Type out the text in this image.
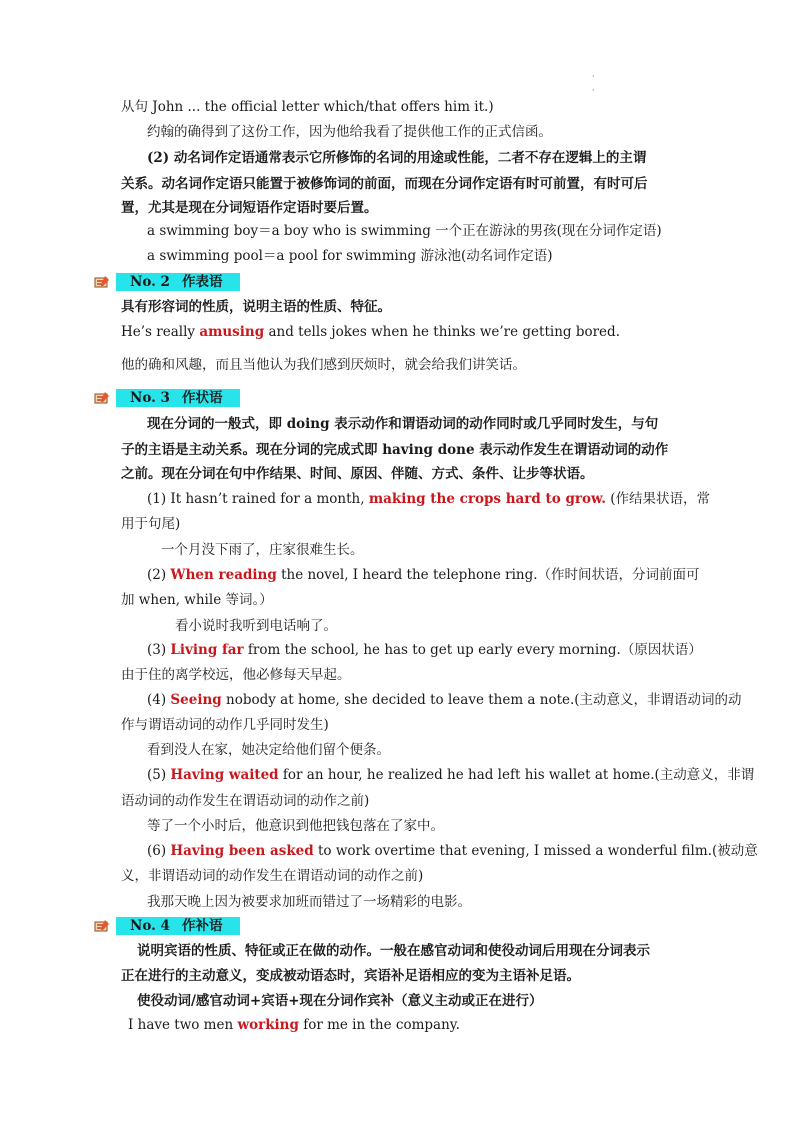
·
·
从句 John ... the official letter which/that offers him it.)
约翰的确得到了这份工作，因为他给我看了提供他工作的正式信函。
(2) 动名词作定语通常表示它所修饰的名词的用途或性能，二者不存在逻辑上的主谓
关系。动名词作定语只能置于被修饰词的前面，而现在分词作定语有时可前置，有时可后
置，尤其是现在分词短语作定语时要后置。
a swimming boy＝a boy who is swimming 一个正在游泳的男孩(现在分词作定语)
a swimming pool＝a pool for swimming 游泳池(动名词作定语)
No. 2 作表语
具有形容词的性质，说明主语的性质、特征。
He’s really amusing and tells jokes when he thinks we’re getting bored.
他的确和风趣，而且当他认为我们感到厌烦时，就会给我们讲笑话。
No. 3 作状语
现在分词的一般式，即 doing 表示动作和谓语动词的动作同时或几乎同时发生，与句
子的主语是主动关系。现在分词的完成式即 having done 表示动作发生在谓语动词的动作
之前。现在分词在句中作结果、时间、原因、伴随、方式、条件、让步等状语。
(1) It hasn’t rained for a month, making the crops hard to grow. (作结果状语，常
用于句尾)
一个月没下雨了，庄家很难生长。
(2) When reading the novel, I heard the telephone ring.（作时间状语，分词前面可
加 when, while 等词。）
看小说时我听到电话响了。
(3) Living far from the school, he has to get up early every morning.（原因状语）
由于住的离学校远，他必修每天早起。
(4) Seeing nobody at home, she decided to leave them a note.(主动意义，非谓语动词的动
作与谓语动词的动作几乎同时发生)
看到没人在家，她决定给他们留个便条。
(5) Having waited for an hour, he realized he had left his wallet at home.(主动意义，非谓
语动词的动作发生在谓语动词的动作之前)
等了一个小时后，他意识到他把钱包落在了家中。
(6) Having been asked to work overtime that evening, I missed a wonderful film.(被动意
义，非谓语动词的动作发生在谓语动词的动作之前)
我那天晚上因为被要求加班而错过了一场精彩的电影。
No. 4 作补语
说明宾语的性质、特征或正在做的动作。一般在感官动词和使役动词后用现在分词表示
正在进行的主动意义，变成被动语态时，宾语补足语相应的变为主语补足语。
使役动词/感官动词+宾语+现在分词作宾补（意义主动或正在进行）
I have two men working for me in the company.
